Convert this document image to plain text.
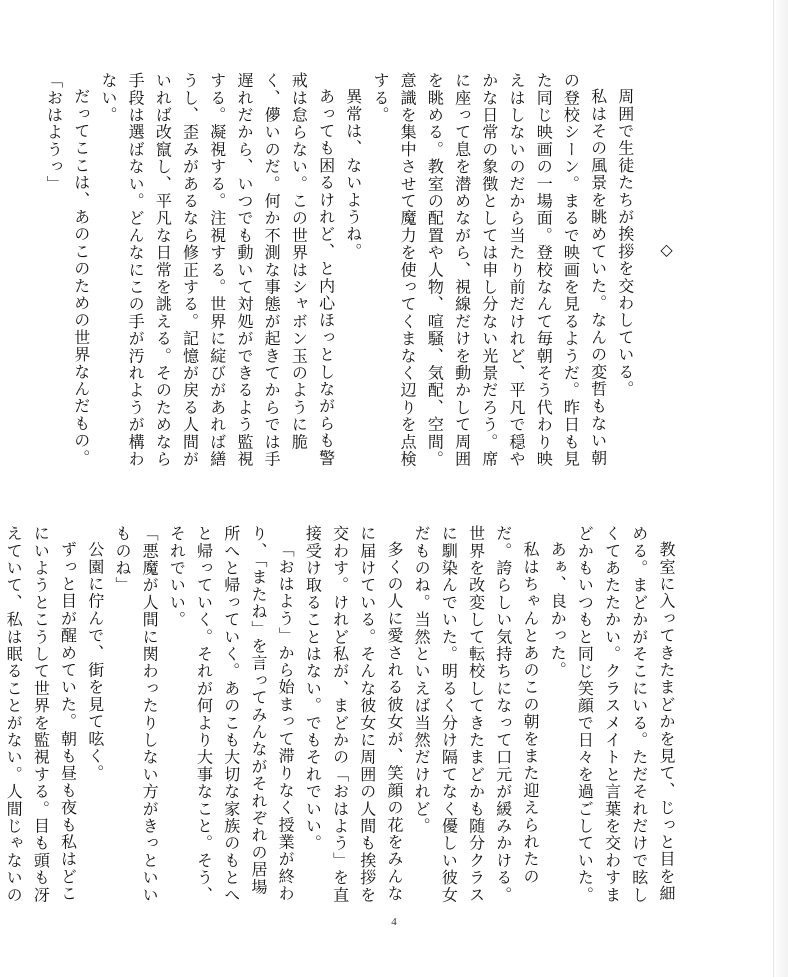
◇

周囲で生徒たちが挨拶を交わしている。

私はその風景を眺めていた。なんの変哲もない朝の登校シーン。まるで映画を見るようだ。昨日も見た同じ映画の一場面。登校なんて毎朝そう代わり映えはしないのだから当たり前だけれど、平凡で穏やかな日常の象徴としては申し分ない光景だろう。席に座って息を潜めながら、視線だけを動かして周囲を眺める。教室の配置や人物、喧騒、気配、空間。意識を集中させて魔力を使ってくまなく辺りを点検する。

異常は、ないようね。

あっても困るけれど、と内心ほっとしながらも警戒は怠らない。この世界はシャボン玉のように脆く、儚いのだ。何か不測な事態が起きてからでは手遅れだから、いつでも動いて対処ができるよう監視する。凝視する。注視する。世界に綻びがあれば繕うし、歪みがあるなら修正する。記憶が戻る人間がいれば改竄し、平凡な日常を誂える。そのためなら手段は選ばない。どんなにこの手が汚れようが構わない。

だってここは、あのこのための世界なんだもの。

「おはようっ」

教室に入ってきたまどかを見て、じっと目を細める。まどかがそこにいる。ただそれだけで眩しくてあたたかい。クラスメイトと言葉を交わすまどかもいつもと同じ笑顔で日々を過ごしていた。

あぁ、良かった。

私はちゃんとあのこの朝をまた迎えられたのだ。誇らしい気持ちになって口元が緩みかける。世界を改変して転校してきたまどかも随分クラスに馴染んでいた。明るく分け隔てなく優しい彼女だものね。当然といえば当然だけれど。

多くの人に愛される彼女が、笑顔の花をみんなに届けている。そんな彼女に周囲の人間も挨拶を交わす。けれど私が、まどかの「おはよう」を直接受け取ることはない。でもそれでいい。

「おはよう」から始まって滞りなく授業が終わり、「またね」を言ってみんながそれぞれの居場所へと帰っていく。あのこも大切な家族のもとへと帰っていく。それが何より大事なこと。そう、それでいい。

「悪魔が人間に関わったりしない方がきっといいものね」

公園に佇んで、街を見て呟く。

ずっと目が醒めていた。朝も昼も夜も私はどこにいようとこうして世界を監視する。目も頭も冴えていて、私は眠ることがない。人間じゃないの

4
